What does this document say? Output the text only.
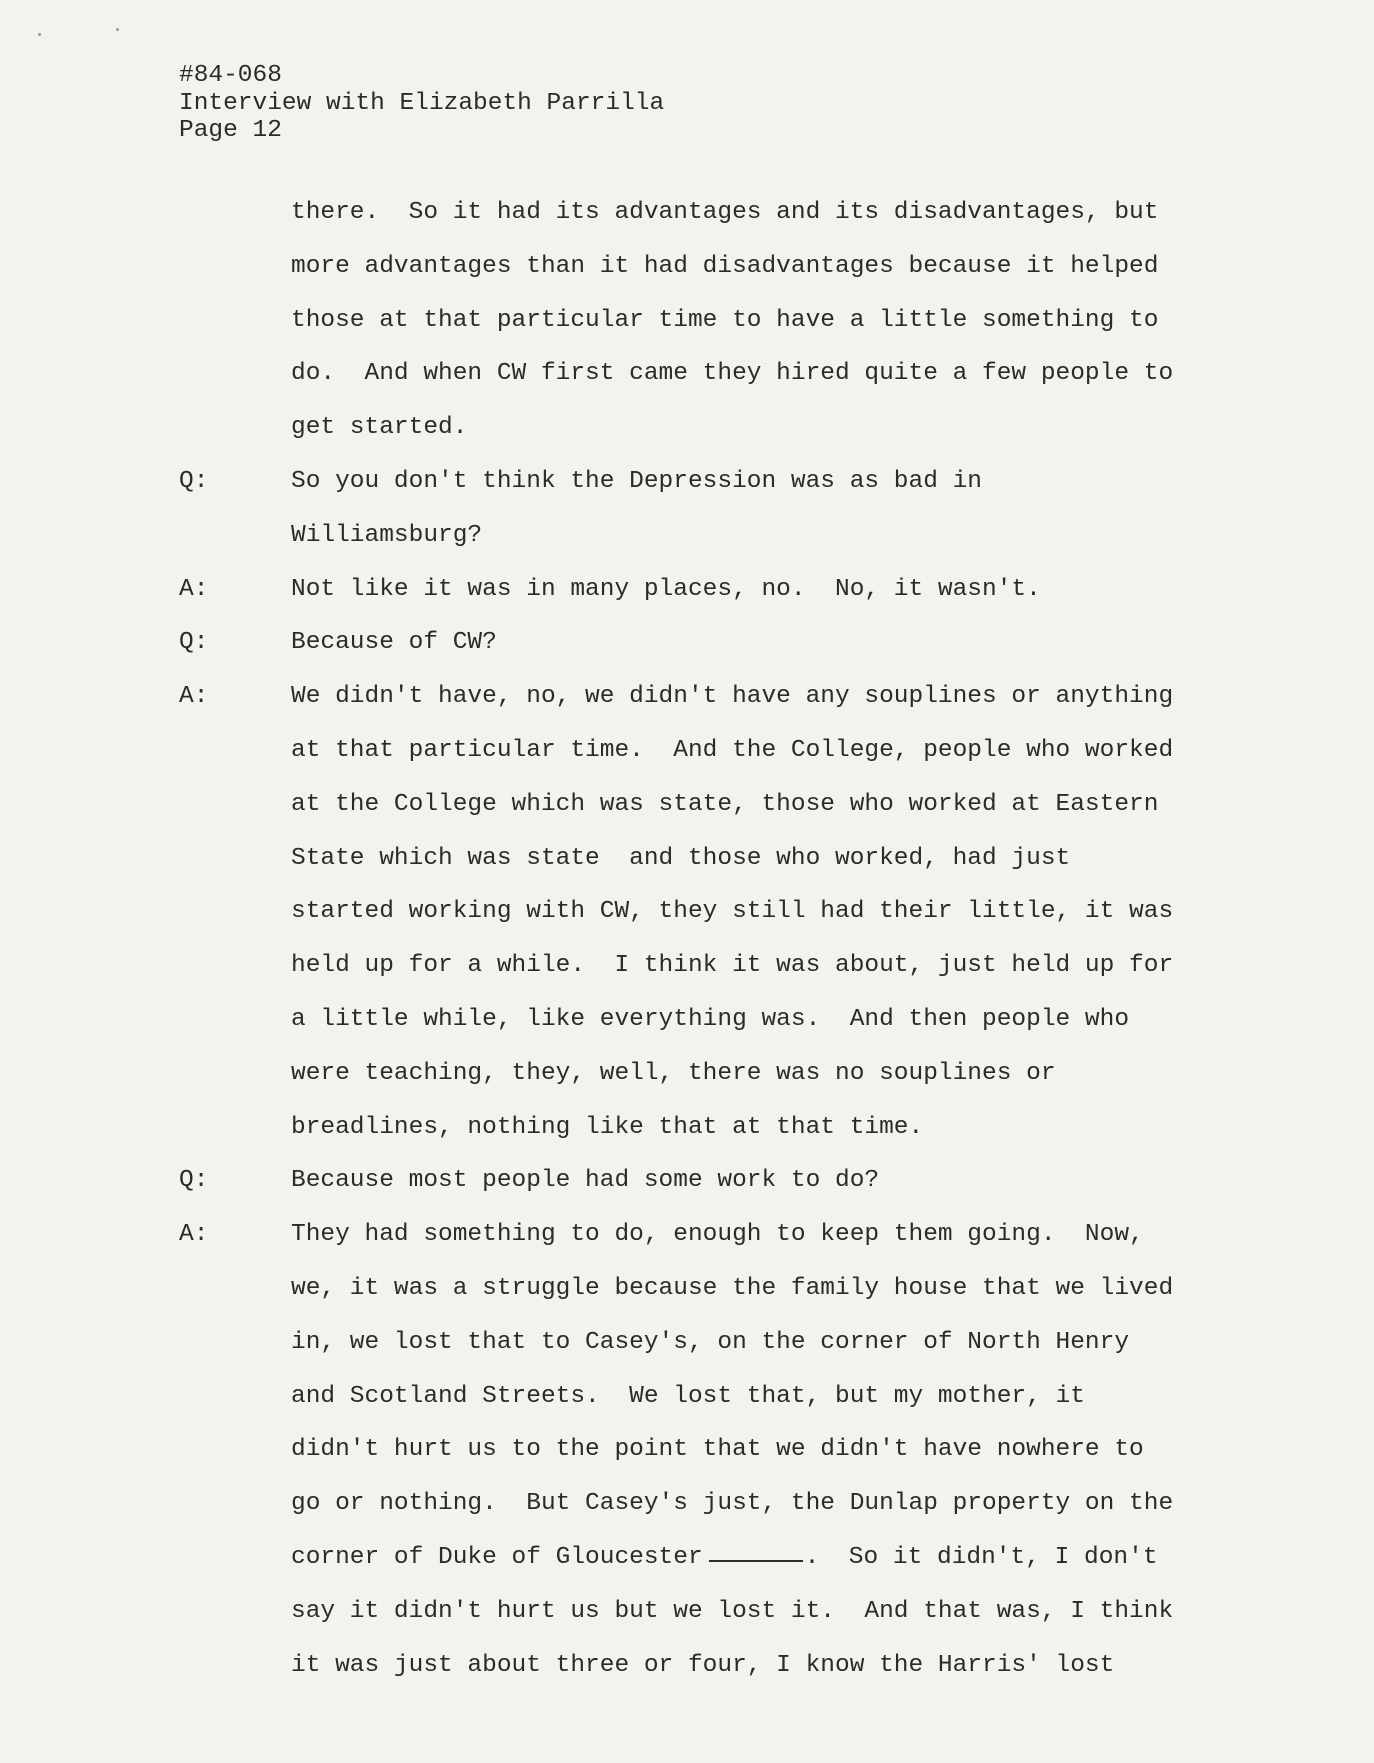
#84-068
Interview with Elizabeth Parrilla
Page 12
there.  So it had its advantages and its disadvantages, but
more advantages than it had disadvantages because it helped
those at that particular time to have a little something to
do.  And when CW first came they hired quite a few people to
get started.
Q:	So you don't think the Depression was as bad in
Williamsburg?
A:	Not like it was in many places, no.  No, it wasn't.
Q:	Because of CW?
A:	We didn't have, no, we didn't have any souplines or anything
at that particular time.  And the College, people who worked
at the College which was state, those who worked at Eastern
State which was state  and those who worked, had just
started working with CW, they still had their little, it was
held up for a while.  I think it was about, just held up for
a little while, like everything was.  And then people who
were teaching, they, well, there was no souplines or
breadlines, nothing like that at that time.
Q:	Because most people had some work to do?
A:	They had something to do, enough to keep them going.  Now,
we, it was a struggle because the family house that we lived
in, we lost that to Casey's, on the corner of North Henry
and Scotland Streets.  We lost that, but my mother, it
didn't hurt us to the point that we didn't have nowhere to
go or nothing.  But Casey's just, the Dunlap property on the
corner of Duke of Gloucester	.  So it didn't, I don't
say it didn't hurt us but we lost it.  And that was, I think
it was just about three or four, I know the Harris' lost
